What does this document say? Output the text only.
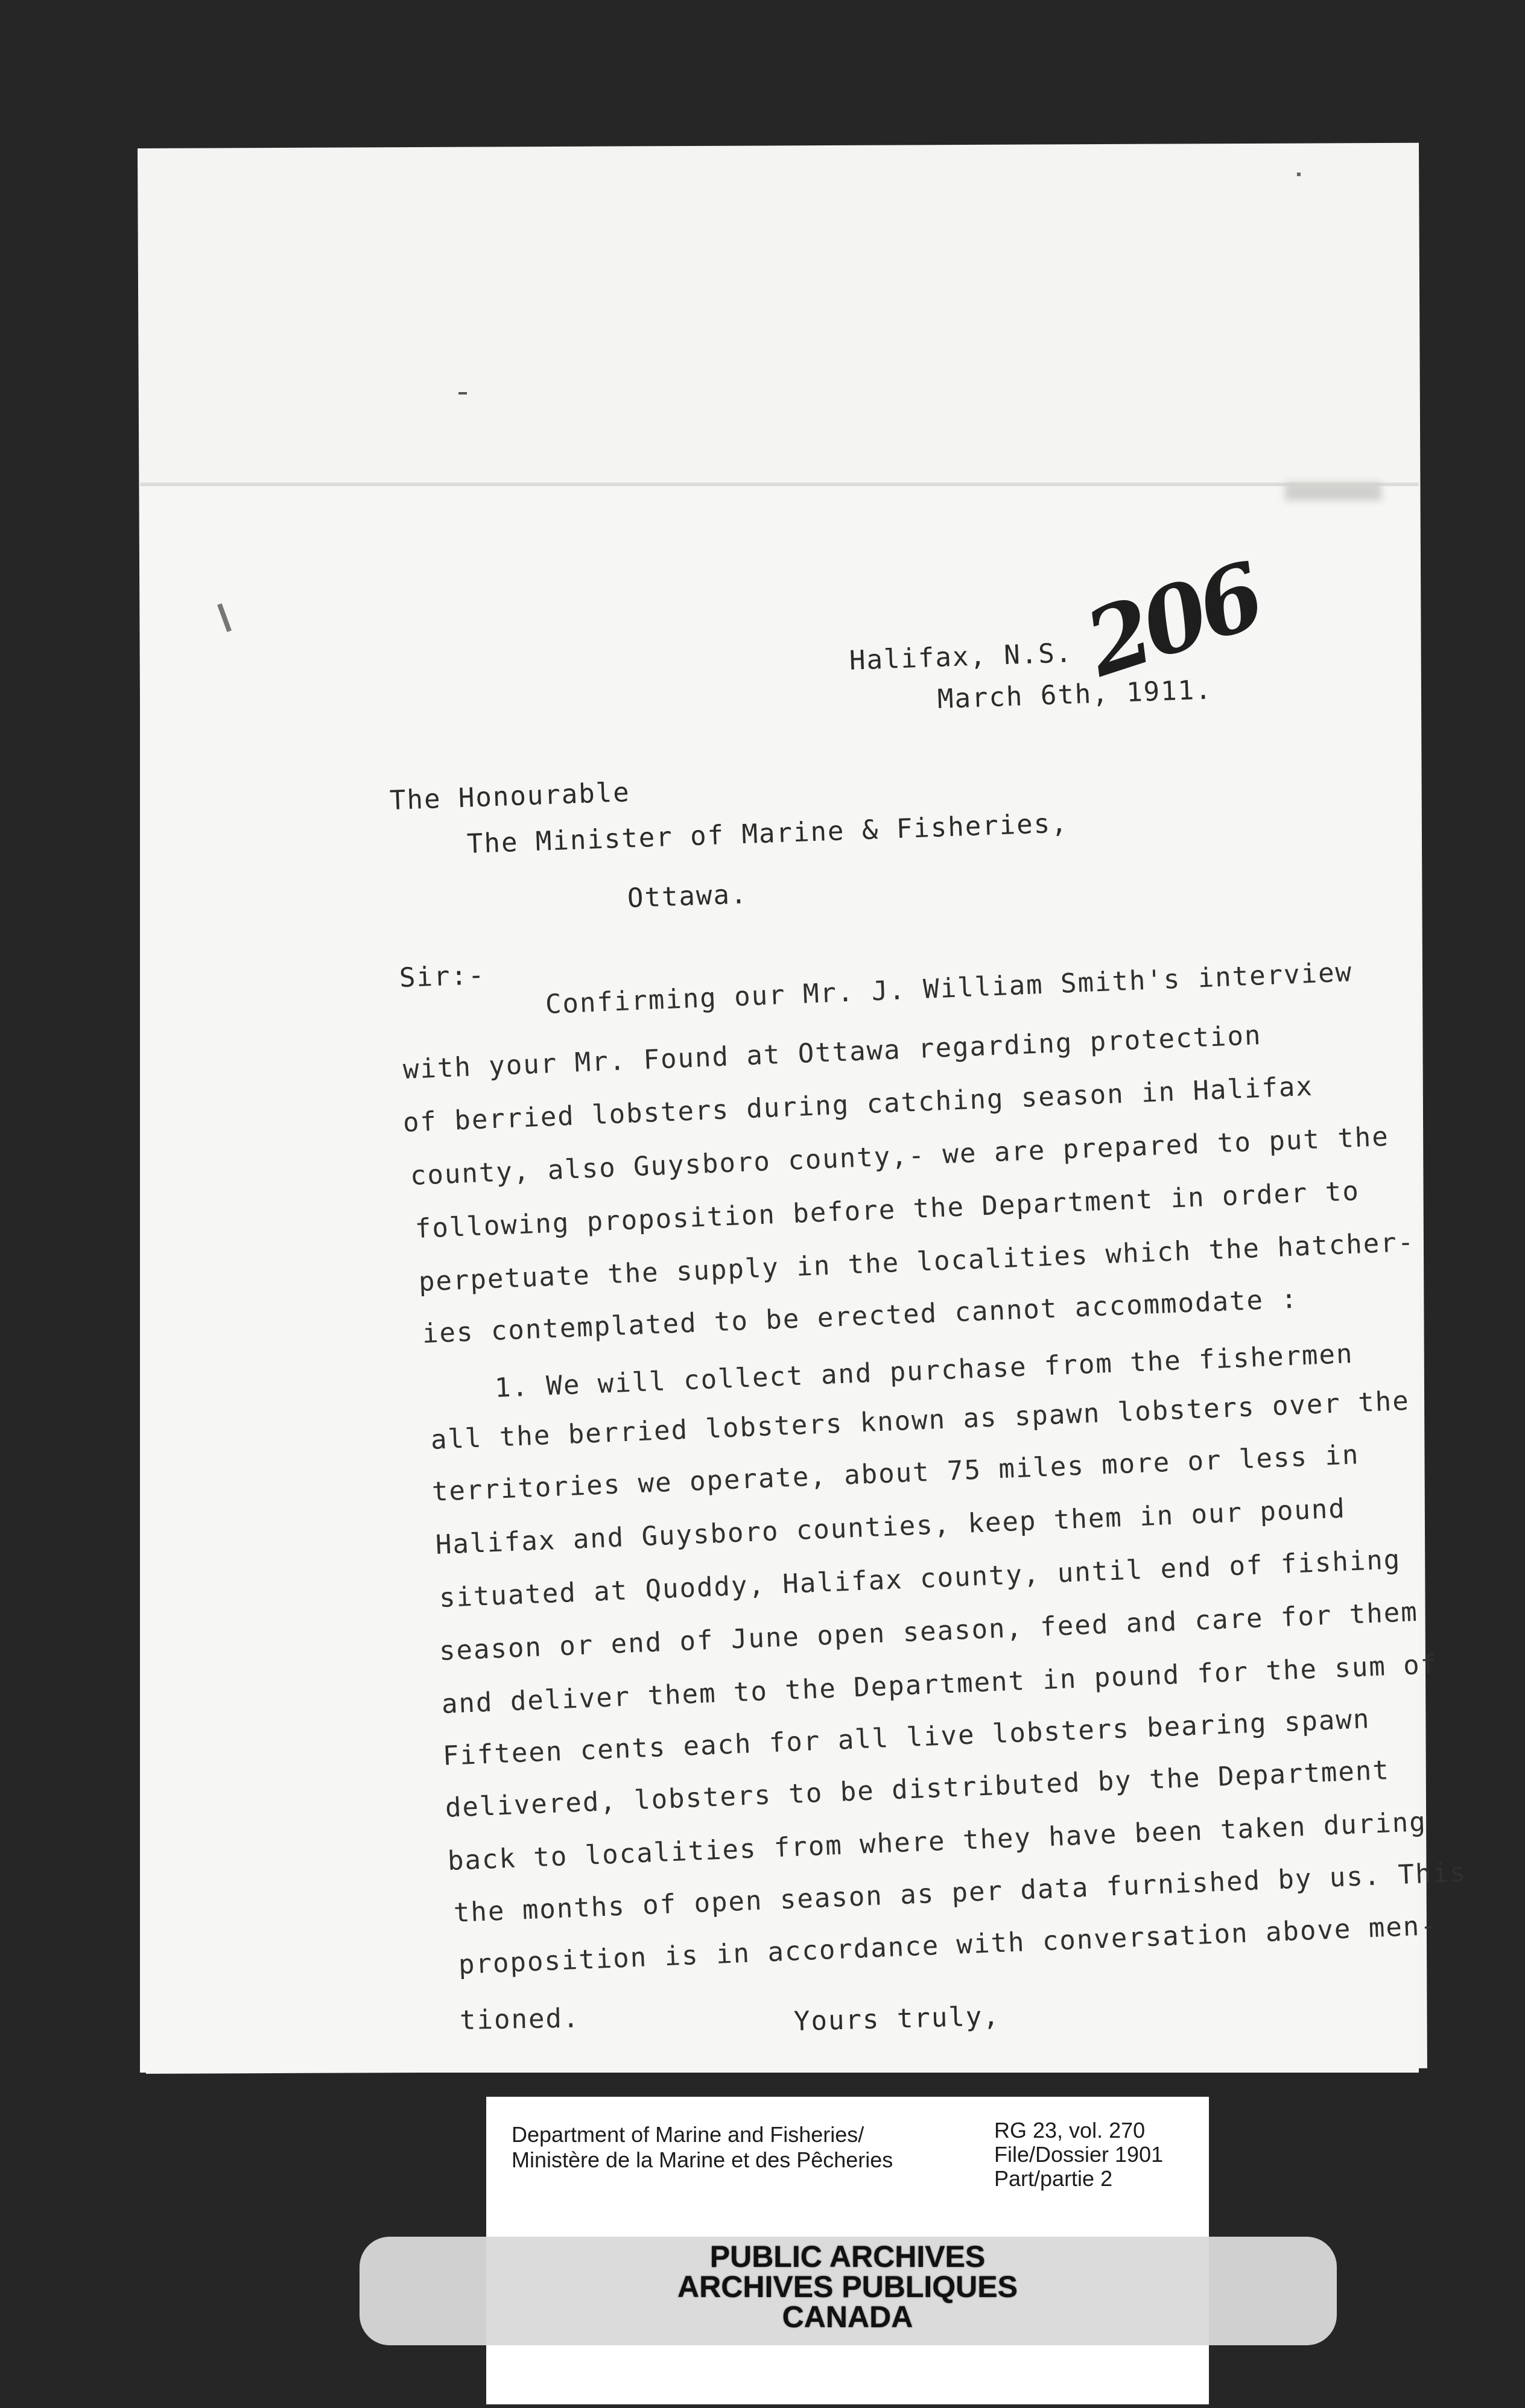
206
Halifax, N.S.
March 6th, 1911.
The Honourable
The Minister of Marine & Fisheries,
Ottawa.
Sir:- Confirming our Mr. J. William Smith's interview
with your Mr. Found at Ottawa regarding protection
of berried lobsters during catching season in Halifax
county, also Guysboro county,- we are prepared to put the
following proposition before the Department in order to
perpetuate the supply in the localities which the hatcher-
ies contemplated to be erected cannot accommodate :
1. We will collect and purchase from the fishermen
all the berried lobsters known as spawn lobsters over the
territories we operate, about 75 miles more or less in
Halifax and Guysboro counties, keep them in our pound
situated at Quoddy, Halifax county, until end of fishing
season or end of June open season, feed and care for them
and deliver them to the Department in pound for the sum of
Fifteen cents each for all live lobsters bearing spawn
delivered, lobsters to be distributed by the Department
back to localities from where they have been taken during
the months of open season as per data furnished by us. This
proposition is in accordance with conversation above men-
tioned.	Yours truly,
Department of Marine and Fisheries/
Ministère de la Marine et des Pêcheries
RG 23, vol. 270
File/Dossier 1901
Part/partie 2
PUBLIC ARCHIVES
ARCHIVES PUBLIQUES
CANADA
